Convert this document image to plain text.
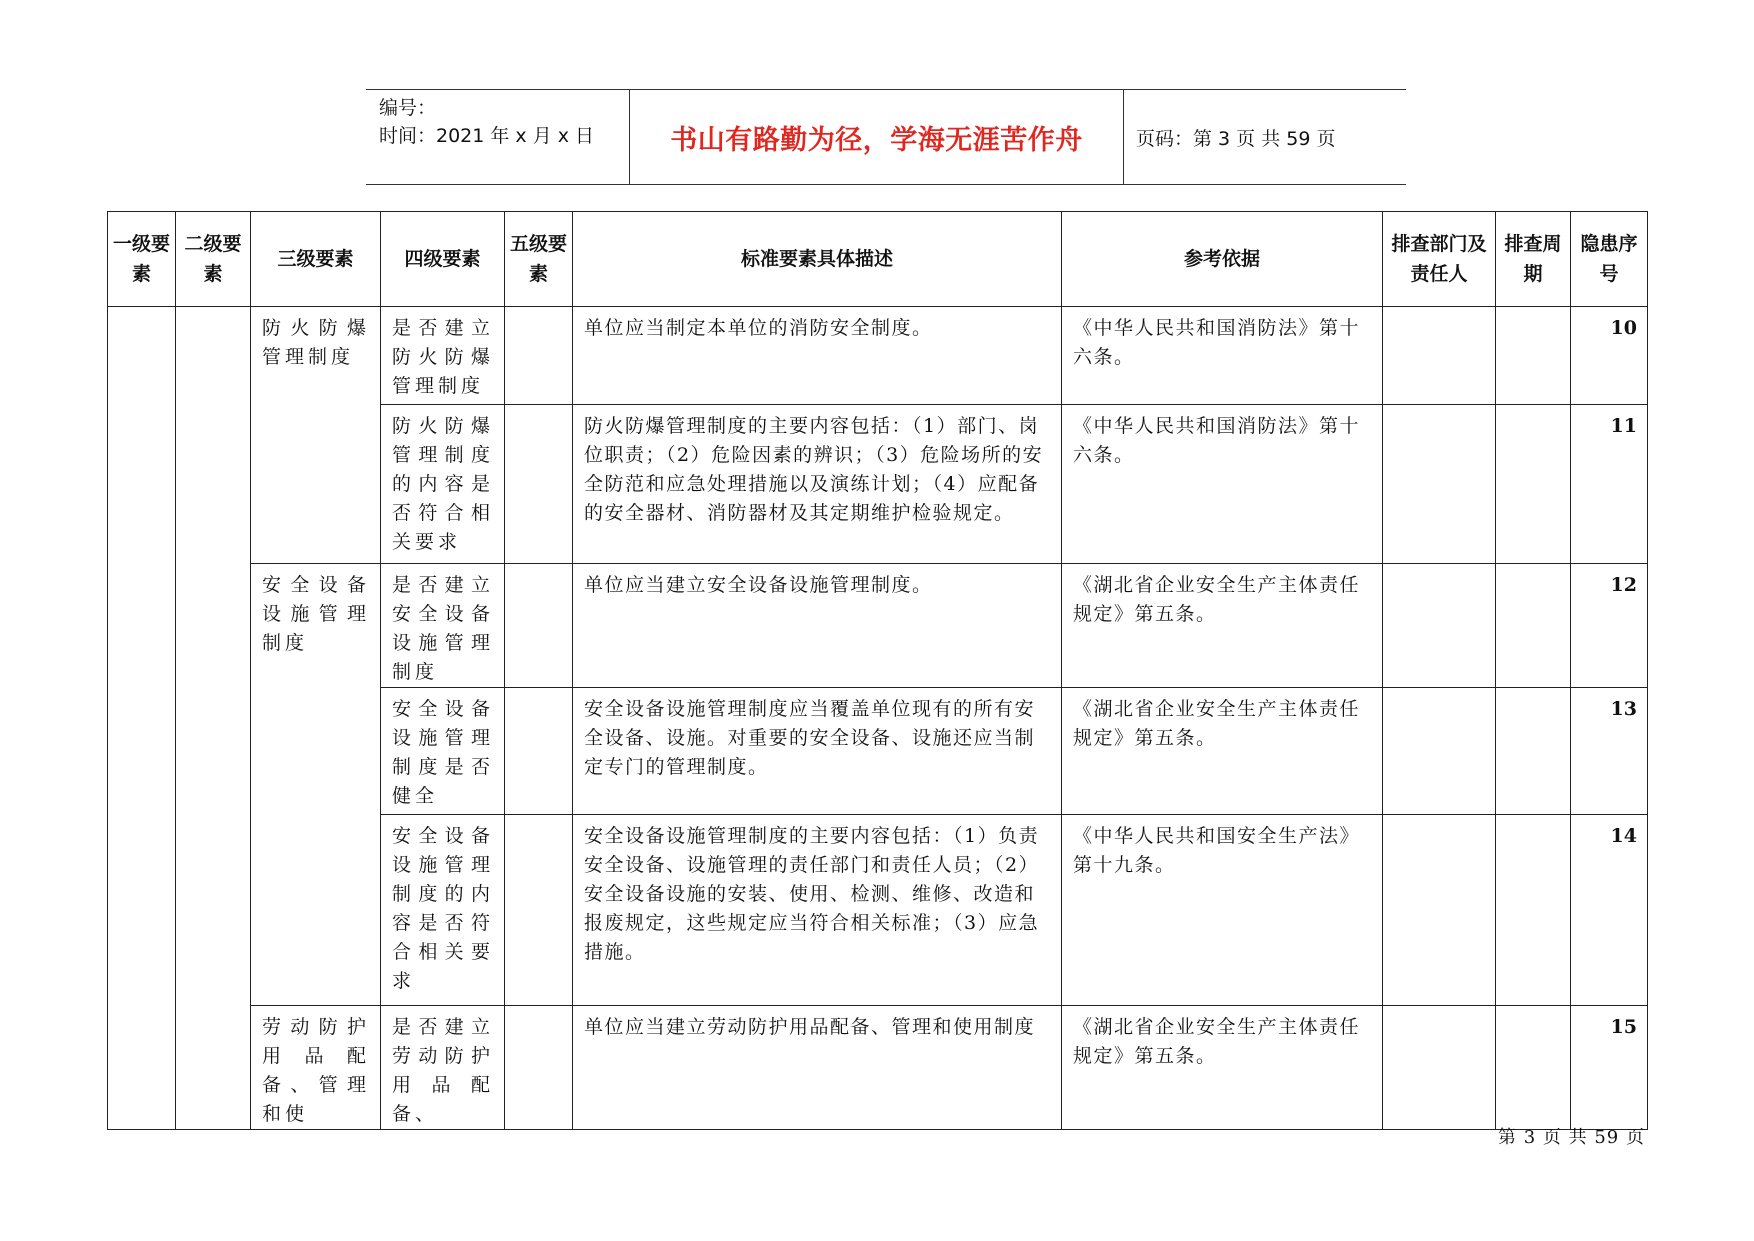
编号：
时间：2021 年 x 月 x 日	书山有路勤为径，学海无涯苦作舟	页码：第 3 页 共 59 页
一级要素	二级要素	三级要素	四级要素	五级要素	标准要素具体描述	参考依据	排查部门及责任人	排查周期	隐患序号
		防火防爆管理制度	是否建立防火防爆管理制度		单位应当制定本单位的消防安全制度。	《中华人民共和国消防法》第十六条。			10
			防火防爆管理制度的内容是否符合相关要求		防火防爆管理制度的主要内容包括：（1）部门、岗位职责；（2）危险因素的辨识；（3）危险场所的安全防范和应急处理措施以及演练计划；（4）应配备的安全器材、消防器材及其定期维护检验规定。	《中华人民共和国消防法》第十六条。			11
		安全设备设施管理制度	是否建立安全设备设施管理制度		单位应当建立安全设备设施管理制度。	《湖北省企业安全生产主体责任规定》第五条。			12
			安全设备设施管理制度是否健全		安全设备设施管理制度应当覆盖单位现有的所有安全设备、设施。对重要的安全设备、设施还应当制定专门的管理制度。	《湖北省企业安全生产主体责任规定》第五条。			13
			安全设备设施管理制度的内容是否符合相关要求		安全设备设施管理制度的主要内容包括：（1）负责安全设备、设施管理的责任部门和责任人员；（2）安全设备设施的安装、使用、检测、维修、改造和报废规定，这些规定应当符合相关标准；（3）应急措施。	《中华人民共和国安全生产法》第十九条。			14
		劳动防护用品配备、管理和使	是否建立劳动防护用品配备、		单位应当建立劳动防护用品配备、管理和使用制度	《湖北省企业安全生产主体责任规定》第五条。			15
第 3 页 共 59 页
